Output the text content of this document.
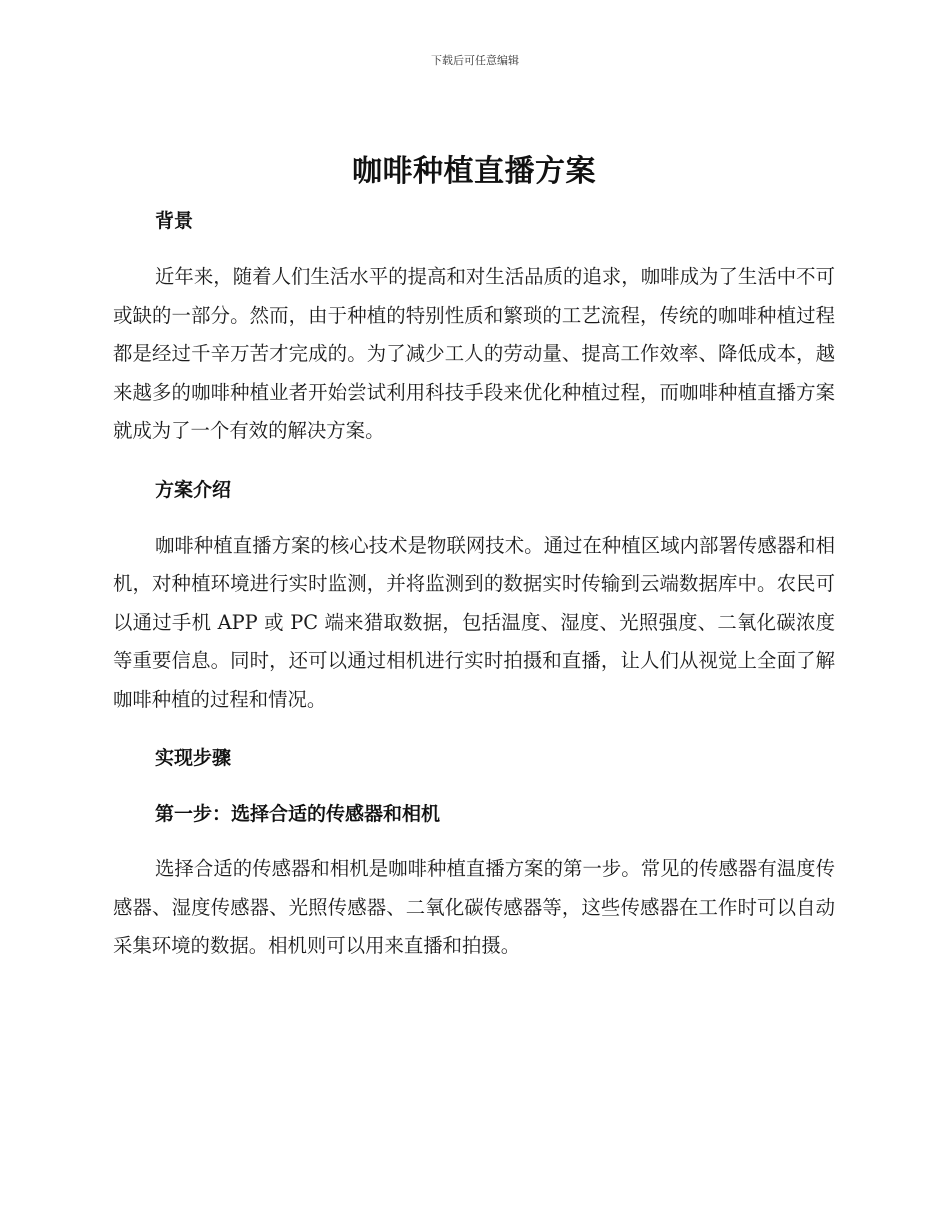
下载后可任意编辑
咖啡种植直播方案
背景

近年来，随着人们生活水平的提高和对生活品质的追求，咖啡成为了生活中不可或缺的一部分。然而，由于种植的特别性质和繁琐的工艺流程，传统的咖啡种植过程都是经过千辛万苦才完成的。为了减少工人的劳动量、提高工作效率、降低成本，越来越多的咖啡种植业者开始尝试利用科技手段来优化种植过程，而咖啡种植直播方案就成为了一个有效的解决方案。

方案介绍

咖啡种植直播方案的核心技术是物联网技术。通过在种植区域内部署传感器和相机，对种植环境进行实时监测，并将监测到的数据实时传输到云端数据库中。农民可以通过手机 APP 或 PC 端来猎取数据，包括温度、湿度、光照强度、二氧化碳浓度等重要信息。同时，还可以通过相机进行实时拍摄和直播，让人们从视觉上全面了解咖啡种植的过程和情况。

实现步骤
第一步：选择合适的传感器和相机

选择合适的传感器和相机是咖啡种植直播方案的第一步。常见的传感器有温度传感器、湿度传感器、光照传感器、二氧化碳传感器等，这些传感器在工作时可以自动采集环境的数据。相机则可以用来直播和拍摄。
